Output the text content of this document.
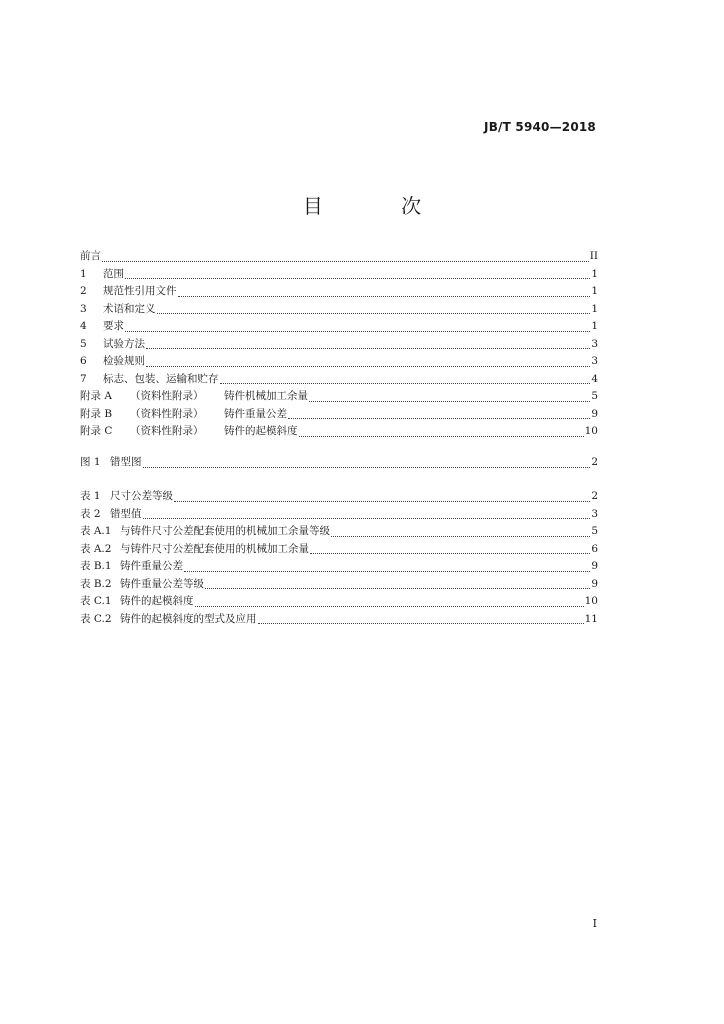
JB/T 5940—2018
目 次
前言	II
1 范围	1
2 规范性引用文件	1
3 术语和定义	1
4 要求	1
5 试验方法	3
6 检验规则	3
7 标志、包装、运输和贮存	4
附录 A （资料性附录） 铸件机械加工余量	5
附录 B （资料性附录） 铸件重量公差	9
附录 C （资料性附录） 铸件的起模斜度	10
图 1 错型图	2
表 1 尺寸公差等级	2
表 2 错型值	3
表 A.1 与铸件尺寸公差配套使用的机械加工余量等级	5
表 A.2 与铸件尺寸公差配套使用的机械加工余量	6
表 B.1 铸件重量公差	9
表 B.2 铸件重量公差等级	9
表 C.1 铸件的起模斜度	10
表 C.2 铸件的起模斜度的型式及应用	11
I
